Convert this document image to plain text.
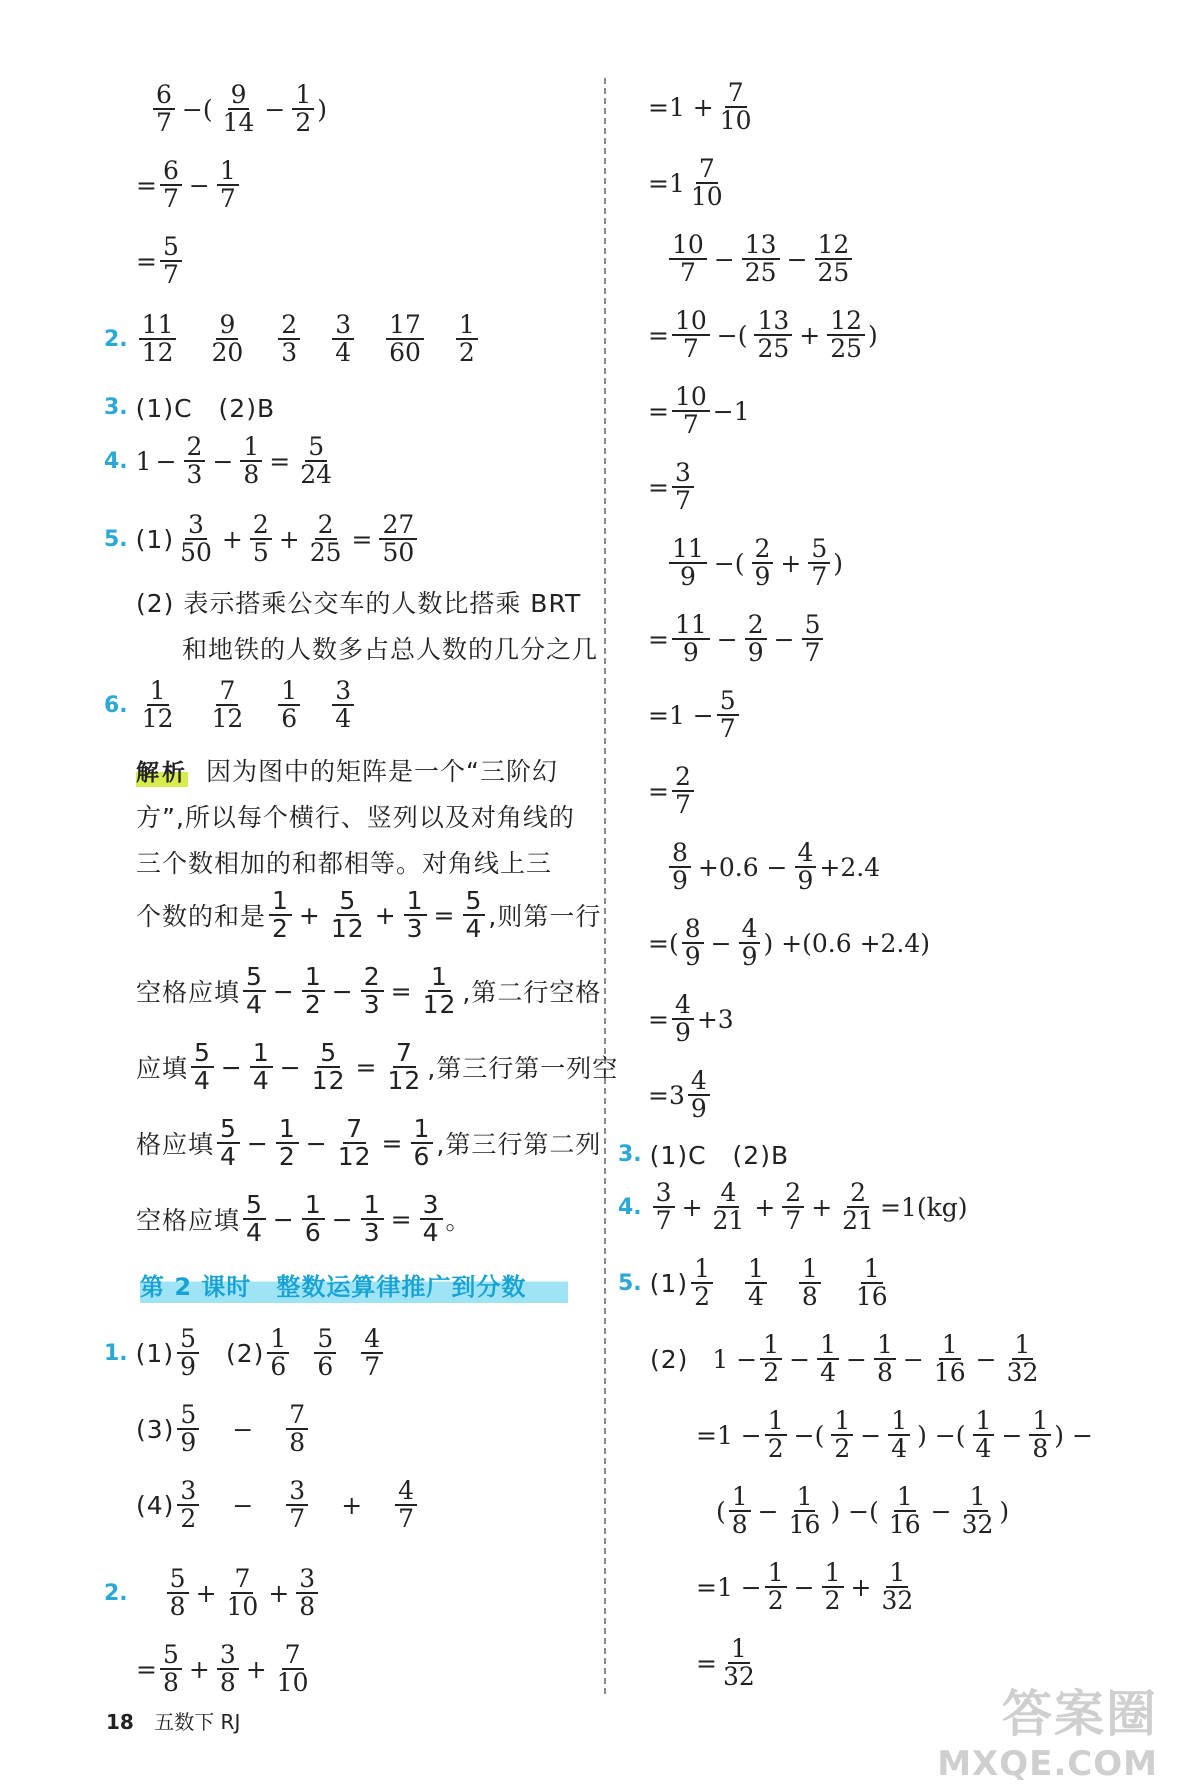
$\frac{6}{7}$ −( $\frac{9}{14} - \frac{1}{2}$ )
= $\frac{6}{7} - \frac{1}{7}$
= $\frac{5}{7}$
2. $\frac{11}{12} \frac{9}{20} \frac{2}{3} \frac{3}{4} \frac{17}{60} \frac{1}{2}$
3. (1)C　(2)B
4. $1 - \frac{2}{3} - \frac{1}{8} = \frac{5}{24}$
5. $(1) \frac{3}{50} + \frac{2}{5} + \frac{2}{25} = \frac{27}{50}$
(2) 表示搭乘公交车的人数比搭乘 BRT
和地铁的人数多占总人数的几分之几
6. $\frac{1}{12} \frac{7}{12} \frac{1}{6} \frac{3}{4}$
解析 因为图中的矩阵是一个“三阶幻
方”,所以每个横行、竖列以及对角线的
三个数相加的和都相等。对角线上三
个数的和是 $\frac{1}{2} + \frac{5}{12} + \frac{1}{3} = \frac{5}{4}$ ,则第一行
空格应填 $\frac{5}{4} - \frac{1}{2} - \frac{2}{3} = \frac{1}{12}$ ,第二行空格
应填 $\frac{5}{4} - \frac{1}{4} - \frac{5}{12} = \frac{7}{12}$ ,第三行第一列空
格应填 $\frac{5}{4} - \frac{1}{2} - \frac{7}{12} = \frac{1}{6}$ ,第三行第二列
空格应填 $\frac{5}{4} - \frac{1}{6} - \frac{1}{3} = \frac{3}{4}$ 。
第 2 课时　整数运算律推广到分数
1. $(1) \frac{5}{9} (2) \frac{1}{6} \frac{5}{6} \frac{4}{7}$
$(3) \frac{5}{9} - \frac{7}{8}$
$(4) \frac{3}{2} - \frac{3}{7} + \frac{4}{7}$
2. $\frac{5}{8} + \frac{7}{10} + \frac{3}{8}$
= $\frac{5}{8} + \frac{3}{8} + \frac{7}{10}$
$=1 + \frac{7}{10}$
$=1 \frac{7}{10}$
$\frac{10}{7} - \frac{13}{25} - \frac{12}{25}$
= $\frac{10}{7}$ −( $\frac{13}{25} + \frac{12}{25}$ )
= $\frac{10}{7} -1$
= $\frac{3}{7}$
$\frac{11}{9}$ −( $\frac{2}{9} + \frac{5}{7}$ )
= $\frac{11}{9} - \frac{2}{9} - \frac{5}{7}$
$=1 - \frac{5}{7}$
= $\frac{2}{7}$
$\frac{8}{9} +0.6 - \frac{4}{9} +2.4$
=( $\frac{8}{9} - \frac{4}{9}$ ) +(0.6 +2.4)
= $\frac{4}{9} +3$
$=3 \frac{4}{9}$
3. (1)C　(2)B
4. $\frac{3}{7} + \frac{4}{21} + \frac{2}{7} + \frac{2}{21} =1(kg)$
5. $(1) \frac{1}{2} \frac{1}{4} \frac{1}{8} \frac{1}{16}$
(2) $1 - \frac{1}{2} - \frac{1}{4} - \frac{1}{8} - \frac{1}{16} - \frac{1}{32}$
$=1 - \frac{1}{2}$ −( $\frac{1}{2} - \frac{1}{4}$ ) −( $\frac{1}{4} - \frac{1}{8}$ ) −
( $\frac{1}{8} - \frac{1}{16}$ ) −( $\frac{1}{16} - \frac{1}{32}$ )
$=1 - \frac{1}{2} - \frac{1}{2} + \frac{1}{32}$
= $\frac{1}{32}$
18 五数下 RJ	答案圈
MXQE.COM
